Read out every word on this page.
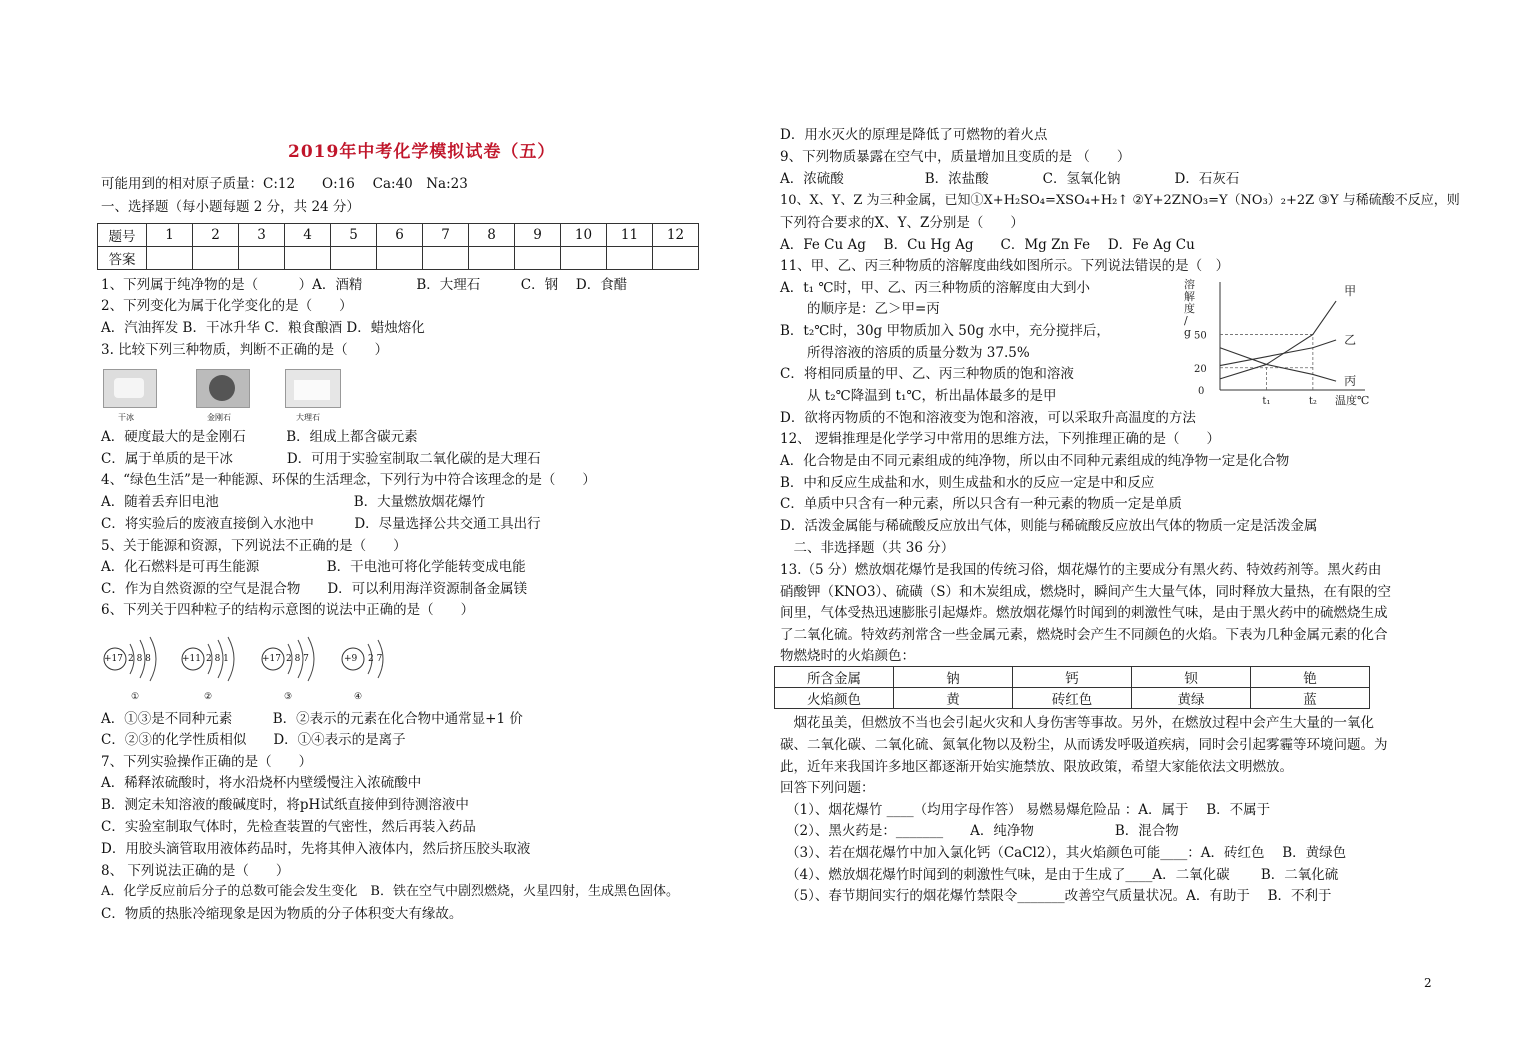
2019年中考化学模拟试卷（五）
可能用到的相对原子质量：C:12　　O:16　 Ca:40　Na:23
一、选择题（每小题每题 2 分，共 24 分）
题号	1	2	3	4	5	6	7	8	9	10	11	12
答案												
1、下列属于纯净物的是（　　　）A．酒精　　　　B．大理石　　　C．钢　 D．食醋
2、下列变化为属于化学变化的是（　　）
A．汽油挥发 B．干冰升华 C．粮食酿酒 D．蜡烛熔化
3. 比较下列三种物质，判断不正确的是（　　）
干冰	金刚石	大理石
A．硬度最大的是金刚石　　　B．组成上都含碳元素
C．属于单质的是干冰　　　　D．可用于实验室制取二氧化碳的是大理石
4、“绿色生活”是一种能源、环保的生活理念，下列行为中符合该理念的是（　　）
A．随着丢弃旧电池　　　　　　　　　　B．大量燃放烟花爆竹
C．将实验后的废液直接倒入水池中　　　D．尽量选择公共交通工具出行
5、关于能源和资源，下列说法不正确的是（　　）
A．化石燃料是可再生能源　　　　　B．干电池可将化学能转变成电能
C．作为自然资源的空气是混合物　　D．可以利用海洋资源制备金属镁
6、下列关于四种粒子的结构示意图的说法中正确的是（　　）
+17 2 8 8
①
+11 2 8 1
②
+17 2 8 7
③
+9 2 7
④
A．①③是不同种元素　　　B．②表示的元素在化合物中通常显+1 价
C．②③的化学性质相似　　D．①④表示的是离子
7、下列实验操作正确的是（　　）
A．稀释浓硫酸时，将水沿烧杯内壁缓慢注入浓硫酸中
B．测定未知溶液的酸碱度时，将pH试纸直接伸到待测溶液中
C．实验室制取气体时，先检查装置的气密性，然后再装入药品
D．用胶头滴管取用液体药品时，先将其伸入液体内，然后挤压胶头取液
8、 下列说法正确的是（　　）
A．化学反应前后分子的总数可能会发生变化　B．铁在空气中剧烈燃烧，火星四射，生成黑色固体。
C．物质的热胀冷缩现象是因为物质的分子体积变大有缘故。
D．用水灭火的原理是降低了可燃物的着火点
9、下列物质暴露在空气中，质量增加且变质的是 （　　）
A．浓硫酸　　　　　　B．浓盐酸　　　　C．氢氧化钠　　　　D．石灰石
10、X、Y、Z 为三种金属，已知①X+H₂SO₄=XSO₄+H₂↑ ②Y+2ZNO₃=Y（NO₃）₂+2Z ③Y 与稀硫酸不反应，则
下列符合要求的X、Y、Z分别是（　　）
A．Fe Cu Ag　 B．Cu Hg Ag　　C．Mg Zn Fe　 D．Fe Ag Cu
11、甲、乙、丙三种物质的溶解度曲线如图所示。下列说法错误的是（　）
A．t₁ ℃时，甲、乙、丙三种物质的溶解度由大到小
　　的顺序是：乙＞甲=丙
B．t₂℃时，30g 甲物质加入 50g 水中，充分搅拌后，
　　所得溶液的溶质的质量分数为 37.5%
C．将相同质量的甲、乙、丙三种物质的饱和溶液
　　从 t₂℃降温到 t₁℃，析出晶体最多的是甲
D．欲将丙物质的不饱和溶液变为饱和溶液，可以采取升高温度的方法
12、 逻辑推理是化学学习中常用的思维方法，下列推理正确的是（　　）
A．化合物是由不同元素组成的纯净物，所以由不同种元素组成的纯净物一定是化合物
B．中和反应生成盐和水，则生成盐和水的反应一定是中和反应
C．单质中只含有一种元素，所以只含有一种元素的物质一定是单质
D．活泼金属能与稀硫酸反应放出气体，则能与稀硫酸反应放出气体的物质一定是活泼金属
　二、非选择题（共 36 分）
13.（5 分）燃放烟花爆竹是我国的传统习俗，烟花爆竹的主要成分有黑火药、特效药剂等。黑火药由
硝酸钾（KNO3）、硫磺（S）和木炭组成，燃烧时，瞬间产生大量气体，同时释放大量热，在有限的空
间里，气体受热迅速膨胀引起爆炸。燃放烟花爆竹时闻到的刺激性气味，是由于黑火药中的硫燃烧生成
了二氧化硫。特效药剂常含一些金属元素，燃烧时会产生不同颜色的火焰。下表为几种金属元素的化合
物燃烧时的火焰颜色：
溶
解
度
/
g
温度℃
0
20
50
t₁	t₂
甲
乙
丙
所含金属	钠	钙	钡	铯
火焰颜色	黄	砖红色	黄绿	蓝
　烟花虽美，但燃放不当也会引起火灾和人身伤害等事故。另外，在燃放过程中会产生大量的一氧化
碳、二氧化碳、二氧化硫、氮氧化物以及粉尘，从而诱发呼吸道疾病，同时会引起雾霾等环境问题。为
此，近年来我国许多地区都逐渐开始实施禁放、限放政策，希望大家能依法文明燃放。
回答下列问题：
（1）、烟花爆竹 ____（均用字母作答） 易燃易爆危险品 ：A．属于　 B．不属于
（2）、黑火药是：_______　　A．纯净物　　　　　　B．混合物
（3）、若在烟花爆竹中加入氯化钙（CaCl2），其火焰颜色可能____：A．砖红色　 B．黄绿色
（4）、燃放烟花爆竹时闻到的刺激性气味，是由于生成了____A．二氧化碳　　 B．二氧化硫
（5）、春节期间实行的烟花爆竹禁限令_______改善空气质量状况。A．有助于　 B．不利于
2
